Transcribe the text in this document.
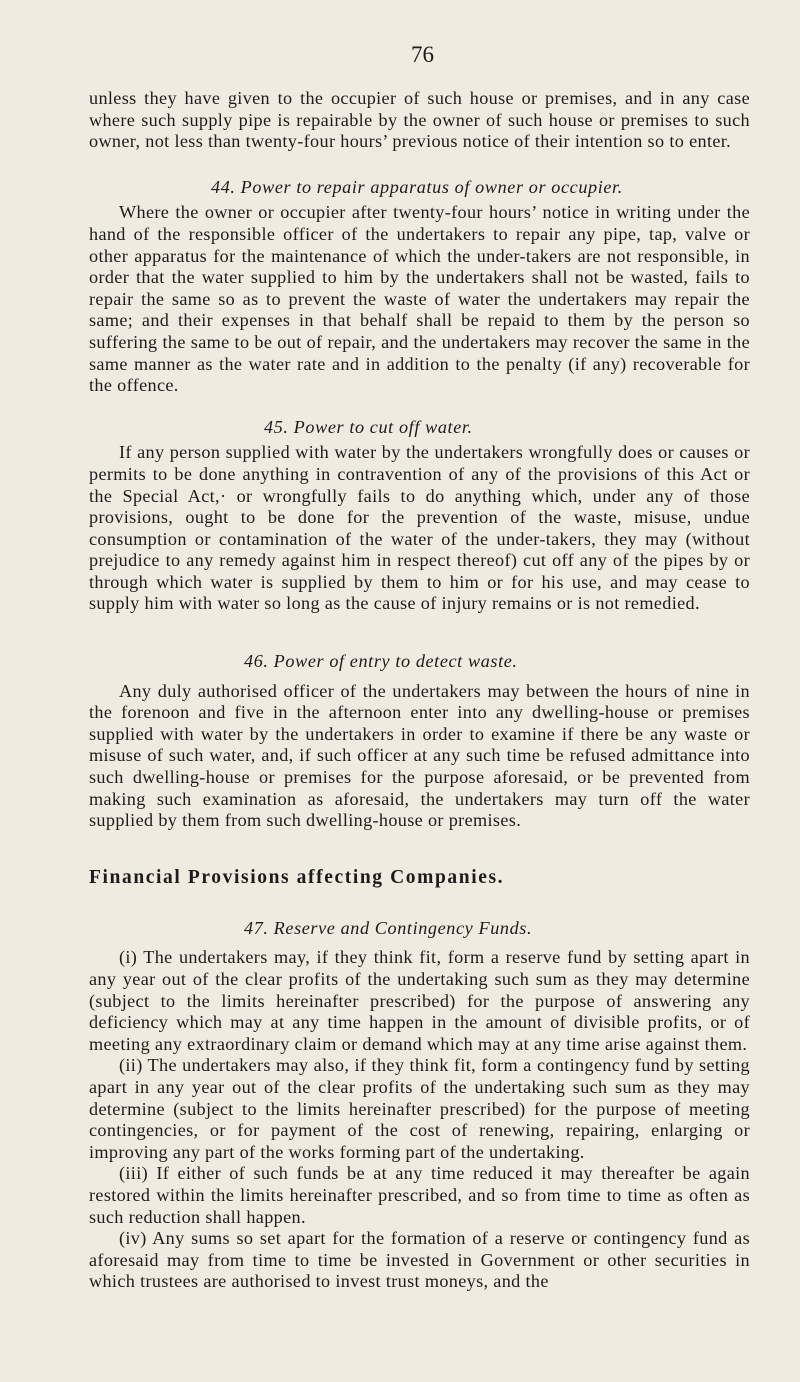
76

unless they have given to the occupier of such house or premises, and in any case where such supply pipe is repairable by the owner of such house or premises to such owner, not less than twenty-four hours’ previous notice of their intention so to enter.

44. Power to repair apparatus of owner or occupier.

Where the owner or occupier after twenty-four hours’ notice in writing under the hand of the responsible officer of the undertakers to repair any pipe, tap, valve or other apparatus for the maintenance of which the under-takers are not responsible, in order that the water supplied to him by the undertakers shall not be wasted, fails to repair the same so as to prevent the waste of water the undertakers may repair the same; and their expenses in that behalf shall be repaid to them by the person so suffering the same to be out of repair, and the undertakers may recover the same in the same manner as the water rate and in addition to the penalty (if any) recoverable for the offence.

45. Power to cut off water.

If any person supplied with water by the undertakers wrongfully does or causes or permits to be done anything in contravention of any of the provisions of this Act or the Special Act,· or wrongfully fails to do anything which, under any of those provisions, ought to be done for the prevention of the waste, misuse, undue consumption or contamination of the water of the under-takers, they may (without prejudice to any remedy against him in respect thereof) cut off any of the pipes by or through which water is supplied by them to him or for his use, and may cease to supply him with water so long as the cause of injury remains or is not remedied.

46. Power of entry to detect waste.

Any duly authorised officer of the undertakers may between the hours of nine in the forenoon and five in the afternoon enter into any dwelling-house or premises supplied with water by the undertakers in order to examine if there be any waste or misuse of such water, and, if such officer at any such time be refused admittance into such dwelling-house or premises for the purpose aforesaid, or be prevented from making such examination as aforesaid, the undertakers may turn off the water supplied by them from such dwelling-house or premises.

Financial Provisions affecting Companies.
47. Reserve and Contingency Funds.

(i) The undertakers may, if they think fit, form a reserve fund by setting apart in any year out of the clear profits of the undertaking such sum as they may determine (subject to the limits hereinafter prescribed) for the purpose of answering any deficiency which may at any time happen in the amount of divisible profits, or of meeting any extraordinary claim or demand which may at any time arise against them.

(ii) The undertakers may also, if they think fit, form a contingency fund by setting apart in any year out of the clear profits of the undertaking such sum as they may determine (subject to the limits hereinafter prescribed) for the purpose of meeting contingencies, or for payment of the cost of renewing, repairing, enlarging or improving any part of the works forming part of the undertaking.

(iii) If either of such funds be at any time reduced it may thereafter be again restored within the limits hereinafter prescribed, and so from time to time as often as such reduction shall happen.

(iv) Any sums so set apart for the formation of a reserve or contingency fund as aforesaid may from time to time be invested in Government or other securities in which trustees are authorised to invest trust moneys, and the
